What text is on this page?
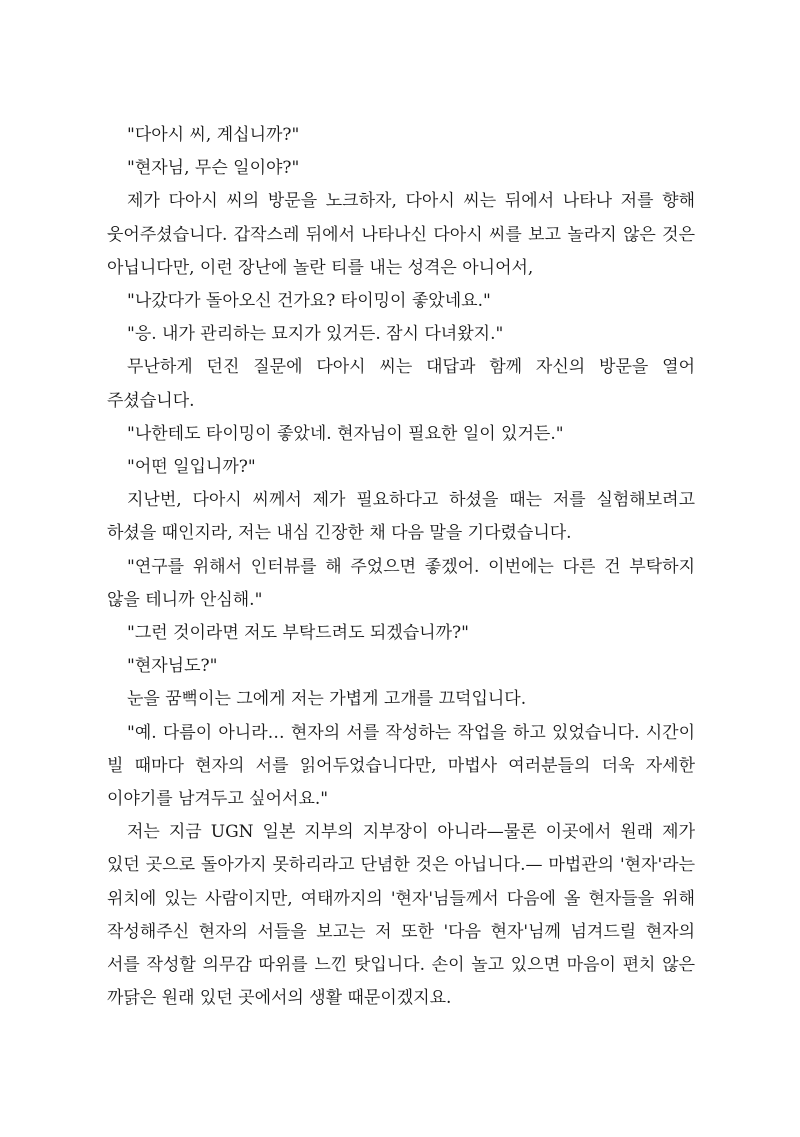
"다아시 씨, 계십니까?"

"현자님, 무슨 일이야?"

제가 다아시 씨의 방문을 노크하자, 다아시 씨는 뒤에서 나타나 저를 향해 웃어주셨습니다. 갑작스레 뒤에서 나타나신 다아시 씨를 보고 놀라지 않은 것은 아닙니다만, 이런 장난에 놀란 티를 내는 성격은 아니어서,

"나갔다가 돌아오신 건가요? 타이밍이 좋았네요."

"응. 내가 관리하는 묘지가 있거든. 잠시 다녀왔지."

무난하게 던진 질문에 다아시 씨는 대답과 함께 자신의 방문을 열어 주셨습니다.

"나한테도 타이밍이 좋았네. 현자님이 필요한 일이 있거든."

"어떤 일입니까?"

지난번, 다아시 씨께서 제가 필요하다고 하셨을 때는 저를 실험해보려고 하셨을 때인지라, 저는 내심 긴장한 채 다음 말을 기다렸습니다.

"연구를 위해서 인터뷰를 해 주었으면 좋겠어. 이번에는 다른 건 부탁하지 않을 테니까 안심해."

"그런 것이라면 저도 부탁드려도 되겠습니까?"

"현자님도?"

눈을 꿈뻑이는 그에게 저는 가볍게 고개를 끄덕입니다.

"예. 다름이 아니라… 현자의 서를 작성하는 작업을 하고 있었습니다. 시간이 빌 때마다 현자의 서를 읽어두었습니다만, 마법사 여러분들의 더욱 자세한 이야기를 남겨두고 싶어서요."

저는 지금 UGN 일본 지부의 지부장이 아니라—물론 이곳에서 원래 제가 있던 곳으로 돌아가지 못하리라고 단념한 것은 아닙니다.— 마법관의 '현자'라는 위치에 있는 사람이지만, 여태까지의 '현자'님들께서 다음에 올 현자들을 위해 작성해주신 현자의 서들을 보고는 저 또한 '다음 현자'님께 넘겨드릴 현자의 서를 작성할 의무감 따위를 느낀 탓입니다. 손이 놀고 있으면 마음이 편치 않은 까닭은 원래 있던 곳에서의 생활 때문이겠지요.
